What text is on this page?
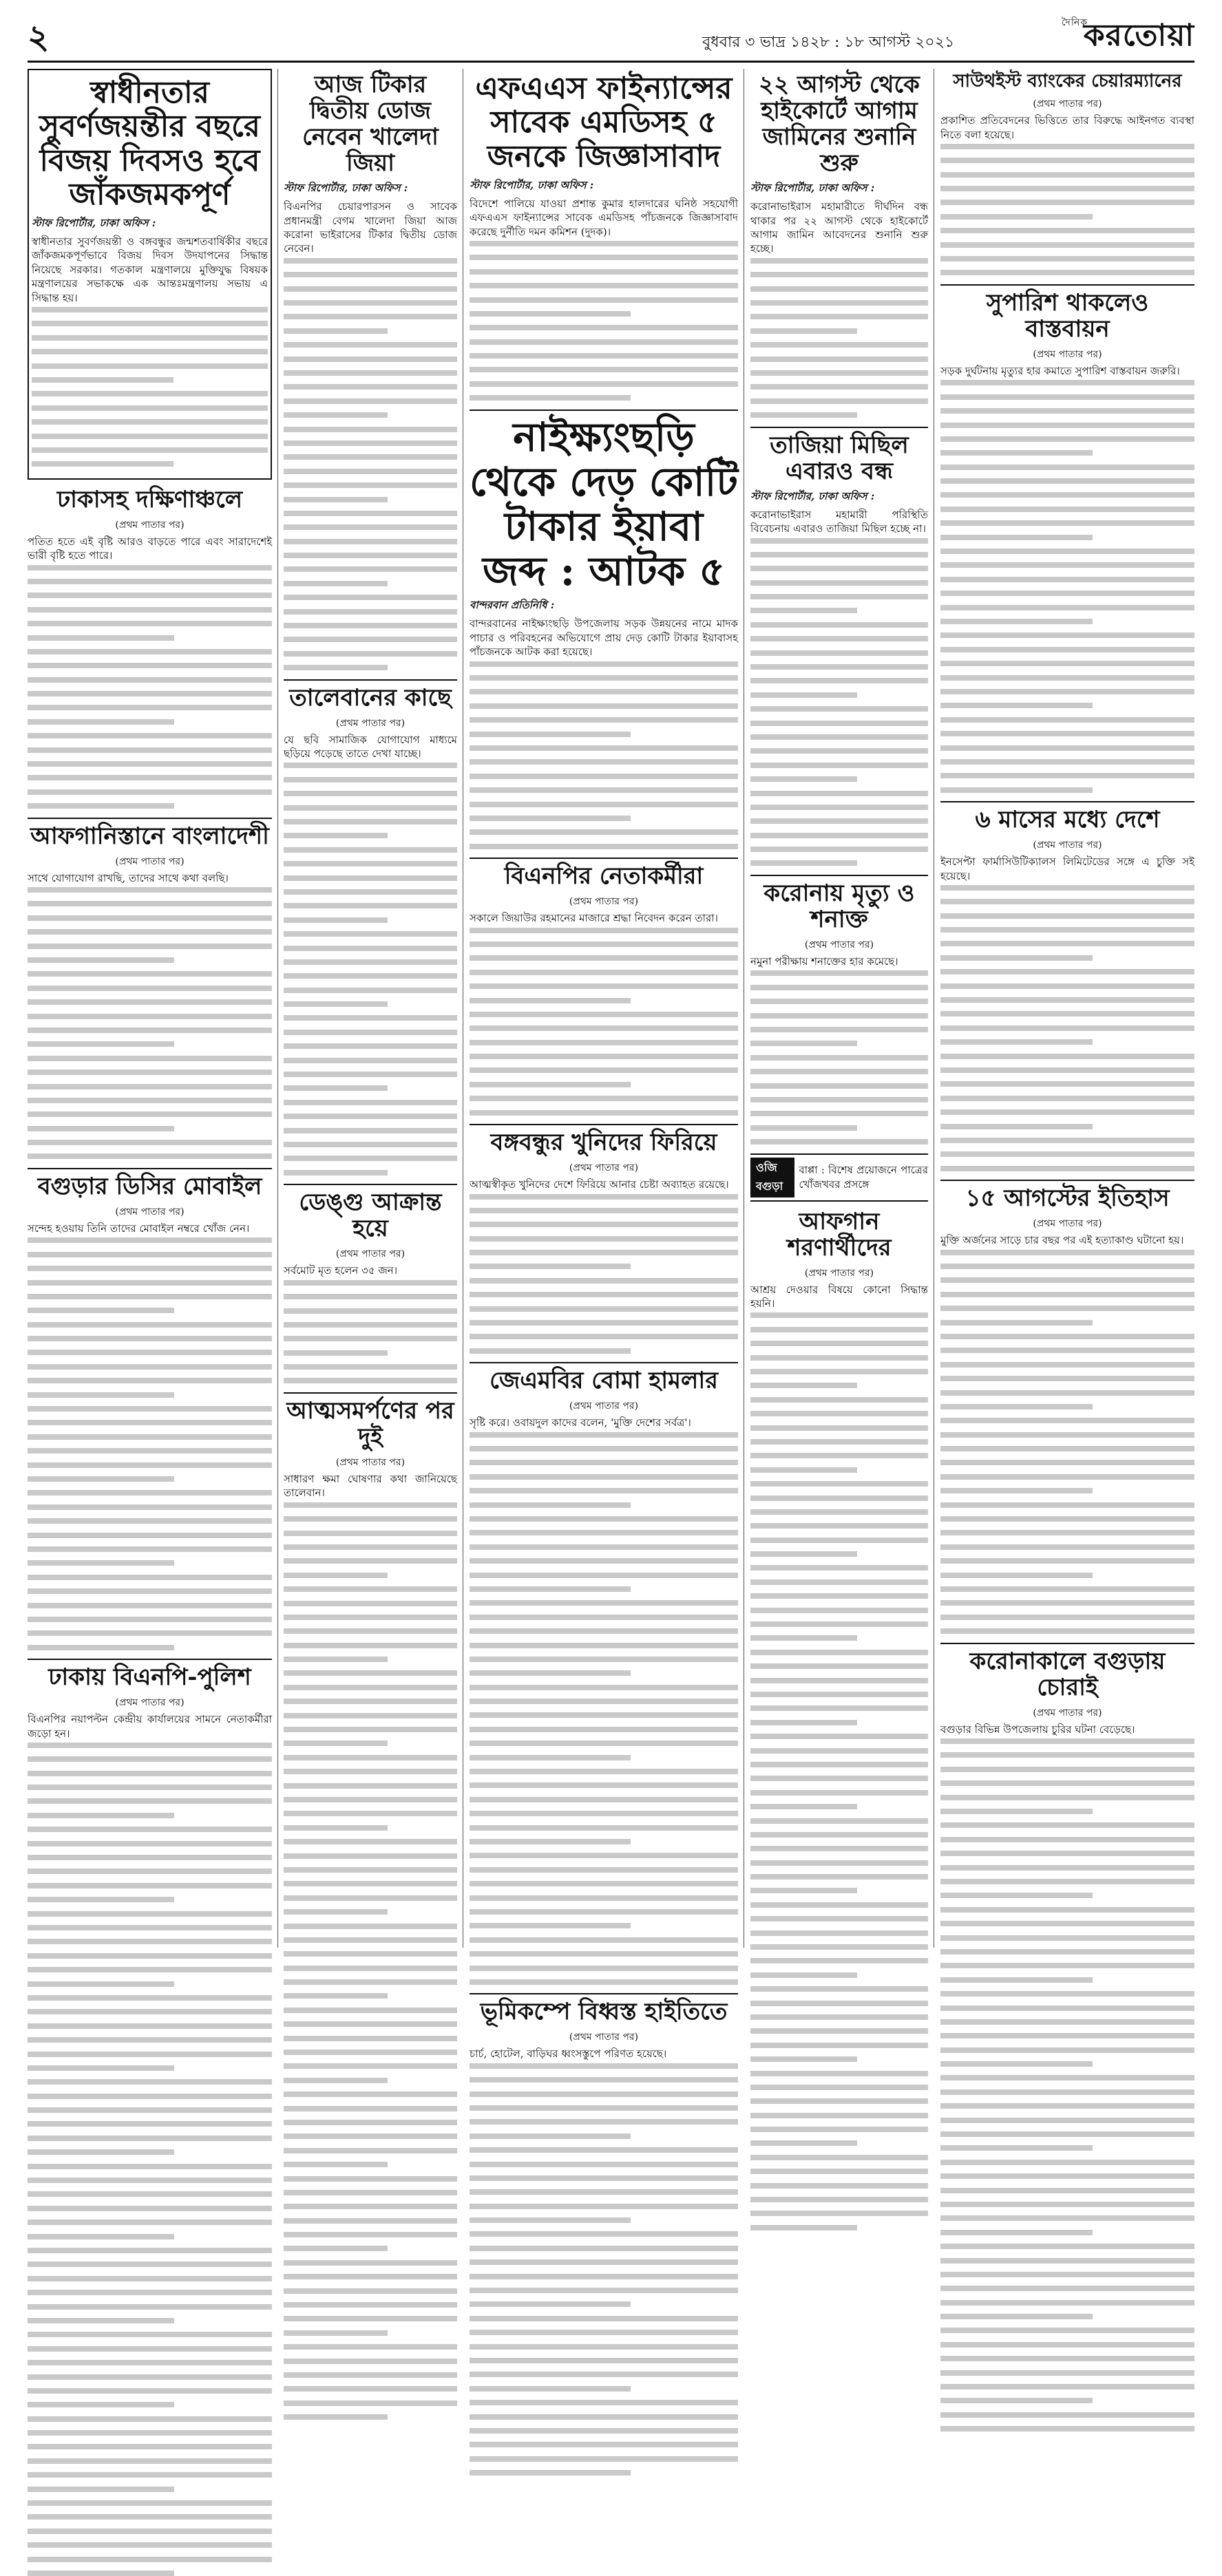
২	বুধবার ৩ ভাদ্র ১৪২৮ : ১৮ আগস্ট ২০২১
দৈনিক
করতোয়া
স্বাধীনতার সুবর্ণজয়ন্তীর বছরে বিজয় দিবসও হবে জাঁকজমকপূর্ণ
স্টাফ রিপোর্টার, ঢাকা অফিস :
স্বাধীনতার সুবর্ণজয়ন্তী ও বঙ্গবন্ধুর জন্মশতবার্ষিকীর বছরে জাঁকজমকপূর্ণভাবে বিজয় দিবস উদযাপনের সিদ্ধান্ত নিয়েছে সরকার। গতকাল মন্ত্রণালয়ে মুক্তিযুদ্ধ বিষয়ক মন্ত্রণালয়ের সভাকক্ষে এক আন্তঃমন্ত্রণালয় সভায় এ সিদ্ধান্ত হয়।
ঢাকাসহ দক্ষিণাঞ্চলে
(প্রথম পাতার পর)
পতিত হতে এই বৃষ্টি আরও বাড়তে পারে এবং সারাদেশেই ভারী বৃষ্টি হতে পারে।
আফগানিস্তানে বাংলাদেশী
(প্রথম পাতার পর)
সাথে যোগাযোগ রাখছি, তাদের সাথে কথা বলছি।
বগুড়ার ডিসির মোবাইল
(প্রথম পাতার পর)
সন্দেহ হওয়ায় তিনি তাদের মোবাইল নম্বরে খোঁজ নেন।
ঢাকায় বিএনপি-পুলিশ
(প্রথম পাতার পর)
বিএনপির নয়াপল্টন কেন্দ্রীয় কার্যালয়ের সামনে নেতাকর্মীরা জড়ো হন।
আজ টিকার দ্বিতীয় ডোজ নেবেন খালেদা জিয়া
স্টাফ রিপোর্টার, ঢাকা অফিস :
বিএনপির চেয়ারপারসন ও সাবেক প্রধানমন্ত্রী বেগম খালেদা জিয়া আজ করোনা ভাইরাসের টিকার দ্বিতীয় ডোজ নেবেন।
তালেবানের কাছে
(প্রথম পাতার পর)
যে ছবি সামাজিক যোগাযোগ মাধ্যমে ছড়িয়ে পড়েছে তাতে দেখা যাচ্ছে।
ডেঙ্গু আক্রান্ত হয়ে
(প্রথম পাতার পর)
সর্বমোট মৃত হলেন ৩৫ জন।
আত্মসমর্পণের পর দুই
(প্রথম পাতার পর)
সাধারণ ক্ষমা ঘোষণার কথা জানিয়েছে তালেবান।
এফএএস ফাইন্যান্সের সাবেক এমডিসহ ৫ জনকে জিজ্ঞাসাবাদ
স্টাফ রিপোর্টার, ঢাকা অফিস :
বিদেশে পালিয়ে যাওয়া প্রশান্ত কুমার হালদারের ঘনিষ্ঠ সহযোগী এফএএস ফাইন্যান্সের সাবেক এমডিসহ পাঁচজনকে জিজ্ঞাসাবাদ করেছে দুর্নীতি দমন কমিশন (দুদক)।
নাইক্ষ্যংছড়ি থেকে দেড় কোটি টাকার ইয়াবা জব্দ : আটক ৫
বান্দরবান প্রতিনিধি :
বান্দরবানের নাইক্ষ্যংছড়ি উপজেলায় সড়ক উন্নয়নের নামে মাদক পাচার ও পরিবহনের অভিযোগে প্রায় দেড় কোটি টাকার ইয়াবাসহ পাঁচজনকে আটক করা হয়েছে।
বিএনপির নেতাকর্মীরা
(প্রথম পাতার পর)
সকালে জিয়াউর রহমানের মাজারে শ্রদ্ধা নিবেদন করেন তারা।
বঙ্গবন্ধুর খুনিদের ফিরিয়ে
(প্রথম পাতার পর)
আত্মস্বীকৃত খুনিদের দেশে ফিরিয়ে আনার চেষ্টা অব্যাহত রয়েছে।
জেএমবির বোমা হামলার
(প্রথম পাতার পর)
সৃষ্টি করে। ওবায়দুল কাদের বলেন, 'মুক্তি দেশের সর্বত্র'।
ভূমিকম্পে বিধ্বস্ত হাইতিতে
(প্রথম পাতার পর)
চার্চ, হোটেল, বাড়িঘর ধ্বংসস্তুপে পরিণত হয়েছে।
২২ আগস্ট থেকে হাইকোর্টে আগাম জামিনের শুনানি শুরু
স্টাফ রিপোর্টার, ঢাকা অফিস :
করোনাভাইরাস মহামারীতে দীর্ঘদিন বন্ধ থাকার পর ২২ আগস্ট থেকে হাইকোর্টে আগাম জামিন আবেদনের শুনানি শুরু হচ্ছে।
তাজিয়া মিছিল এবারও বন্ধ
স্টাফ রিপোর্টার, ঢাকা অফিস :
করোনাভাইরাস মহামারী পরিস্থিতি বিবেচনায় এবারও তাজিয়া মিছিল হচ্ছে না।
করোনায় মৃত্যু ও শনাক্ত
(প্রথম পাতার পর)
নমুনা পরীক্ষায় শনাক্তের হার কমেছে।
ওজি বগুড়া
বাপ্পা : বিশেষ প্রয়োজনে পাত্রের খোঁজখবর প্রসঙ্গে
আফগান শরণার্থীদের
(প্রথম পাতার পর)
আশ্রয় দেওয়ার বিষয়ে কোনো সিদ্ধান্ত হয়নি।
সাউথইস্ট ব্যাংকের চেয়ারম্যানের
(প্রথম পাতার পর)
প্রকাশিত প্রতিবেদনের ভিত্তিতে তার বিরুদ্ধে আইনগত ব্যবস্থা নিতে বলা হয়েছে।
সুপারিশ থাকলেও বাস্তবায়ন
(প্রথম পাতার পর)
সড়ক দুর্ঘটনায় মৃত্যুর হার কমাতে সুপারিশ বাস্তবায়ন জরুরি।
৬ মাসের মধ্যে দেশে
(প্রথম পাতার পর)
ইনসেপ্টা ফার্মাসিউটিক্যালস লিমিটেডের সঙ্গে এ চুক্তি সই হয়েছে।
১৫ আগস্টের ইতিহাস
(প্রথম পাতার পর)
মুক্তি অর্জনের সাড়ে চার বছর পর এই হত্যাকাণ্ড ঘটানো হয়।
করোনাকালে বগুড়ায় চোরাই
(প্রথম পাতার পর)
বগুড়ার বিভিন্ন উপজেলায় চুরির ঘটনা বেড়েছে।
